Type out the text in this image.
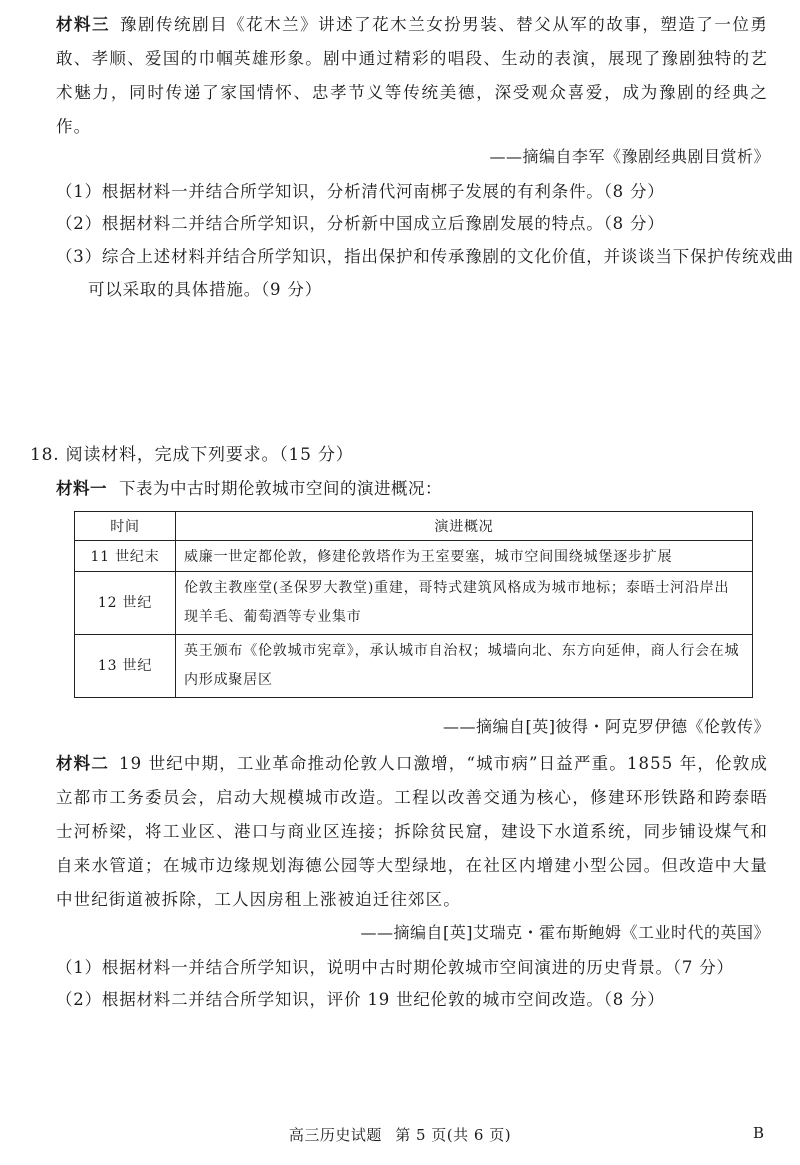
材料三 豫剧传统剧目《花木兰》讲述了花木兰女扮男装、替父从军的故事，塑造了一位勇敢、孝顺、爱国的巾帼英雄形象。剧中通过精彩的唱段、生动的表演，展现了豫剧独特的艺术魅力，同时传递了家国情怀、忠孝节义等传统美德，深受观众喜爱，成为豫剧的经典之作。
——摘编自李军《豫剧经典剧目赏析》
（1）根据材料一并结合所学知识，分析清代河南梆子发展的有利条件。（8 分）
（2）根据材料二并结合所学知识，分析新中国成立后豫剧发展的特点。（8 分）
（3）综合上述材料并结合所学知识，指出保护和传承豫剧的文化价值，并谈谈当下保护传统戏曲可以采取的具体措施。（9 分）
18. 阅读材料，完成下列要求。（15 分）
材料一 下表为中古时期伦敦城市空间的演进概况：
时间	演进概况
11 世纪末	威廉一世定都伦敦，修建伦敦塔作为王室要塞，城市空间围绕城堡逐步扩展
12 世纪	伦敦主教座堂(圣保罗大教堂)重建，哥特式建筑风格成为城市地标；泰晤士河沿岸出现羊毛、葡萄酒等专业集市
13 世纪	英王颁布《伦敦城市宪章》，承认城市自治权；城墙向北、东方向延伸，商人行会在城内形成聚居区
——摘编自[英]彼得・阿克罗伊德《伦敦传》
材料二 19 世纪中期，工业革命推动伦敦人口激增，“城市病”日益严重。1855 年，伦敦成立都市工务委员会，启动大规模城市改造。工程以改善交通为核心，修建环形铁路和跨泰晤士河桥梁，将工业区、港口与商业区连接；拆除贫民窟，建设下水道系统，同步铺设煤气和自来水管道；在城市边缘规划海德公园等大型绿地，在社区内增建小型公园。但改造中大量中世纪街道被拆除，工人因房租上涨被迫迁往郊区。
——摘编自[英]艾瑞克・霍布斯鲍姆《工业时代的英国》
（1）根据材料一并结合所学知识，说明中古时期伦敦城市空间演进的历史背景。（7 分）
（2）根据材料二并结合所学知识，评价 19 世纪伦敦的城市空间改造。（8 分）
高三历史试题 第 5 页(共 6 页)	B
